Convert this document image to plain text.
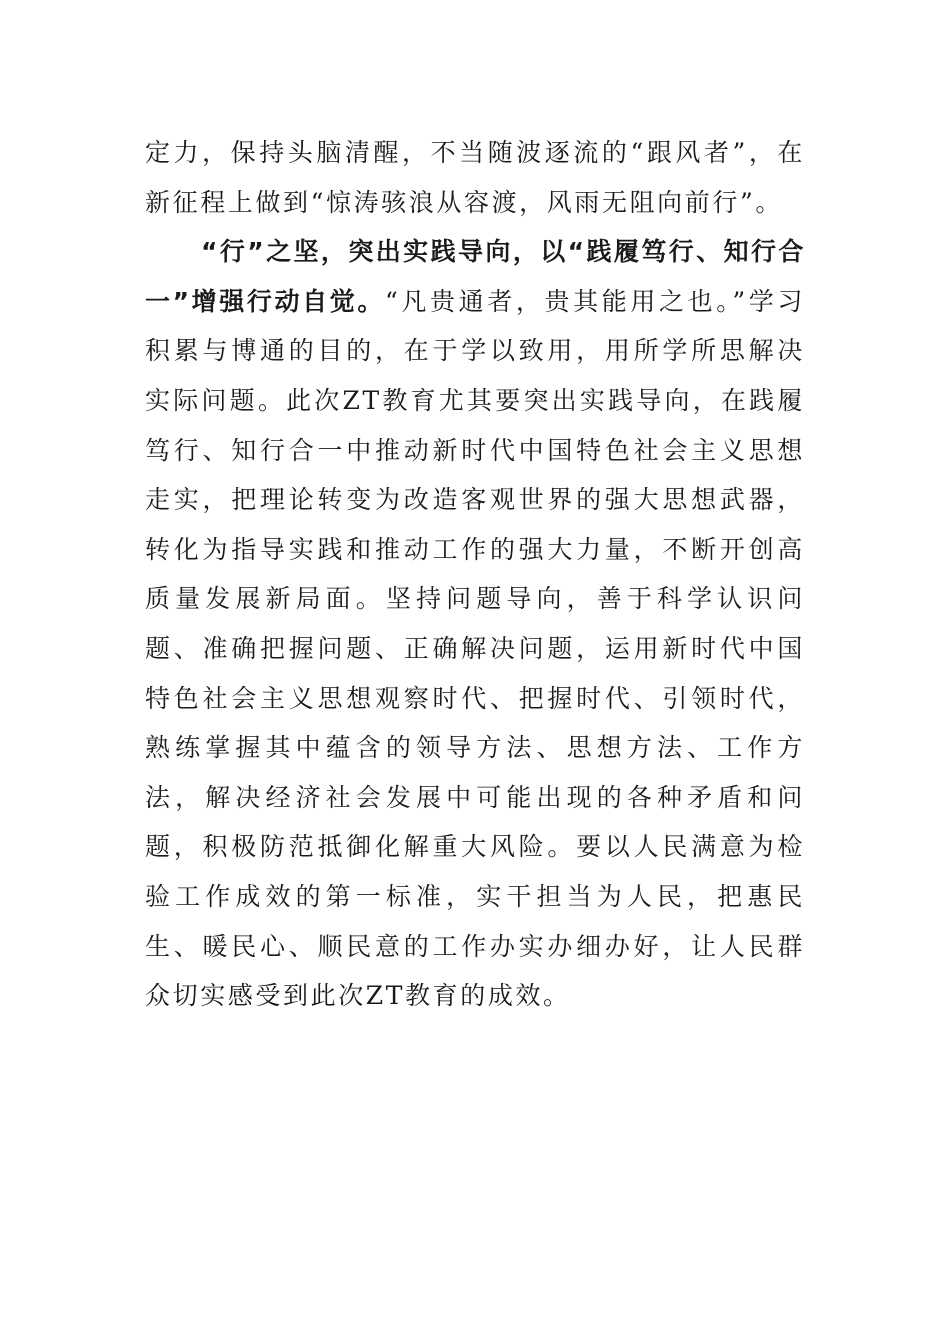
定力，保持头脑清醒，不当随波逐流的“跟风者”，在新征程上做到“惊涛骇浪从容渡，风雨无阻向前行”。

“行”之坚，突出实践导向，以“践履笃行、知行合一”增强行动自觉。“凡贵通者，贵其能用之也。”学习积累与博通的目的，在于学以致用，用所学所思解决实际问题。此次ZT教育尤其要突出实践导向，在践履笃行、知行合一中推动新时代中国特色社会主义思想走实，把理论转变为改造客观世界的强大思想武器，转化为指导实践和推动工作的强大力量，不断开创高质量发展新局面。坚持问题导向，善于科学认识问题、准确把握问题、正确解决问题，运用新时代中国特色社会主义思想观察时代、把握时代、引领时代，熟练掌握其中蕴含的领导方法、思想方法、工作方法，解决经济社会发展中可能出现的各种矛盾和问题，积极防范抵御化解重大风险。要以人民满意为检验工作成效的第一标准，实干担当为人民，把惠民生、暖民心、顺民意的工作办实办细办好，让人民群众切实感受到此次ZT教育的成效。
